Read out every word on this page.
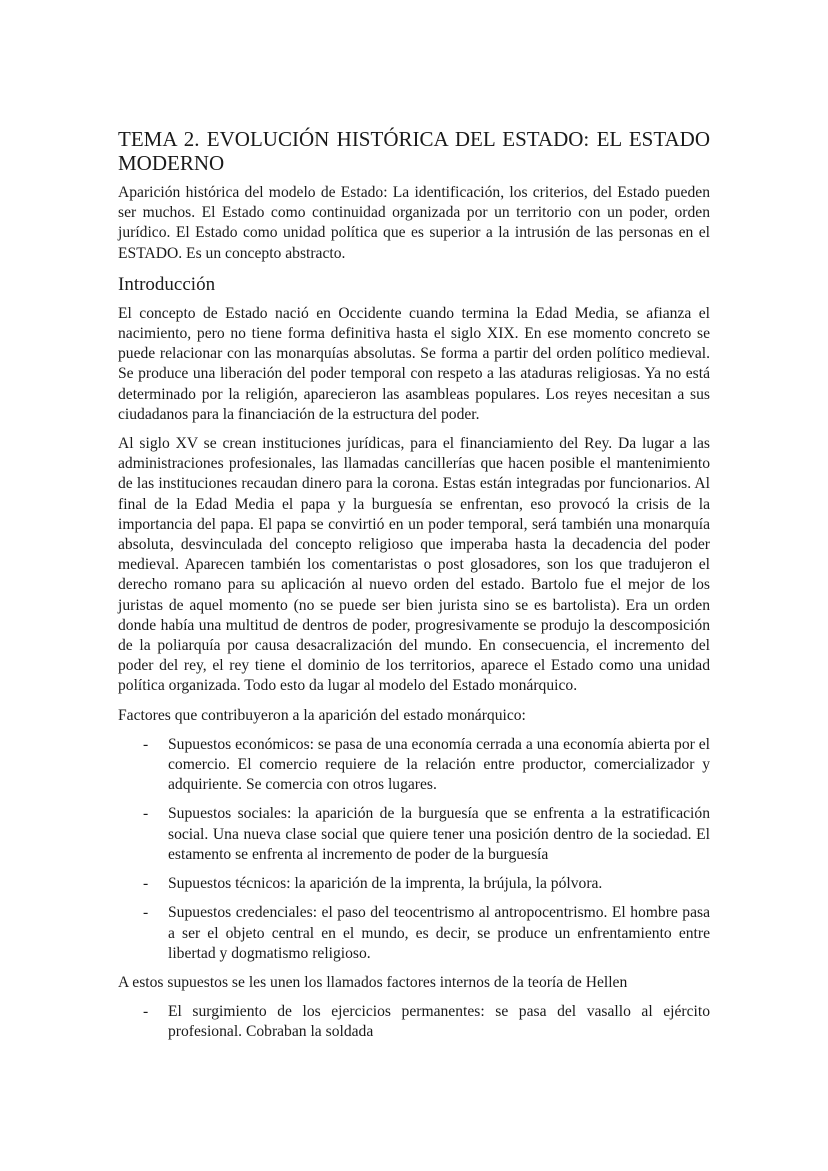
TEMA 2. EVOLUCIÓN HISTÓRICA DEL ESTADO: EL ESTADO MODERNO

Aparición histórica del modelo de Estado: La identificación, los criterios, del Estado pueden ser muchos. El Estado como continuidad organizada por un territorio con un poder, orden jurídico. El Estado como unidad política que es superior a la intrusión de las personas en el ESTADO. Es un concepto abstracto.

Introducción

El concepto de Estado nació en Occidente cuando termina la Edad Media, se afianza el nacimiento, pero no tiene forma definitiva hasta el siglo XIX. En ese momento concreto se puede relacionar con las monarquías absolutas. Se forma a partir del orden político medieval. Se produce una liberación del poder temporal con respeto a las ataduras religiosas. Ya no está determinado por la religión, aparecieron las asambleas populares. Los reyes necesitan a sus ciudadanos para la financiación de la estructura del poder.

Al siglo XV se crean instituciones jurídicas, para el financiamiento del Rey. Da lugar a las administraciones profesionales, las llamadas cancillerías que hacen posible el mantenimiento de las instituciones recaudan dinero para la corona. Estas están integradas por funcionarios. Al final de la Edad Media el papa y la burguesía se enfrentan, eso provocó la crisis de la importancia del papa. El papa se convirtió en un poder temporal, será también una monarquía absoluta, desvinculada del concepto religioso que imperaba hasta la decadencia del poder medieval. Aparecen también los comentaristas o post glosadores, son los que tradujeron el derecho romano para su aplicación al nuevo orden del estado. Bartolo fue el mejor de los juristas de aquel momento (no se puede ser bien jurista sino se es bartolista). Era un orden donde había una multitud de dentros de poder, progresivamente se produjo la descomposición de la poliarquía por causa desacralización del mundo. En consecuencia, el incremento del poder del rey, el rey tiene el dominio de los territorios, aparece el Estado como una unidad política organizada. Todo esto da lugar al modelo del Estado monárquico.

Factores que contribuyeron a la aparición del estado monárquico:

- Supuestos económicos: se pasa de una economía cerrada a una economía abierta por el comercio. El comercio requiere de la relación entre productor, comercializador y adquiriente. Se comercia con otros lugares.
- Supuestos sociales: la aparición de la burguesía que se enfrenta a la estratificación social. Una nueva clase social que quiere tener una posición dentro de la sociedad. El estamento se enfrenta al incremento de poder de la burguesía
- Supuestos técnicos: la aparición de la imprenta, la brújula, la pólvora.
- Supuestos credenciales: el paso del teocentrismo al antropocentrismo. El hombre pasa a ser el objeto central en el mundo, es decir, se produce un enfrentamiento entre libertad y dogmatismo religioso.

A estos supuestos se les unen los llamados factores internos de la teoría de Hellen

- El surgimiento de los ejercicios permanentes: se pasa del vasallo al ejército profesional. Cobraban la soldada
